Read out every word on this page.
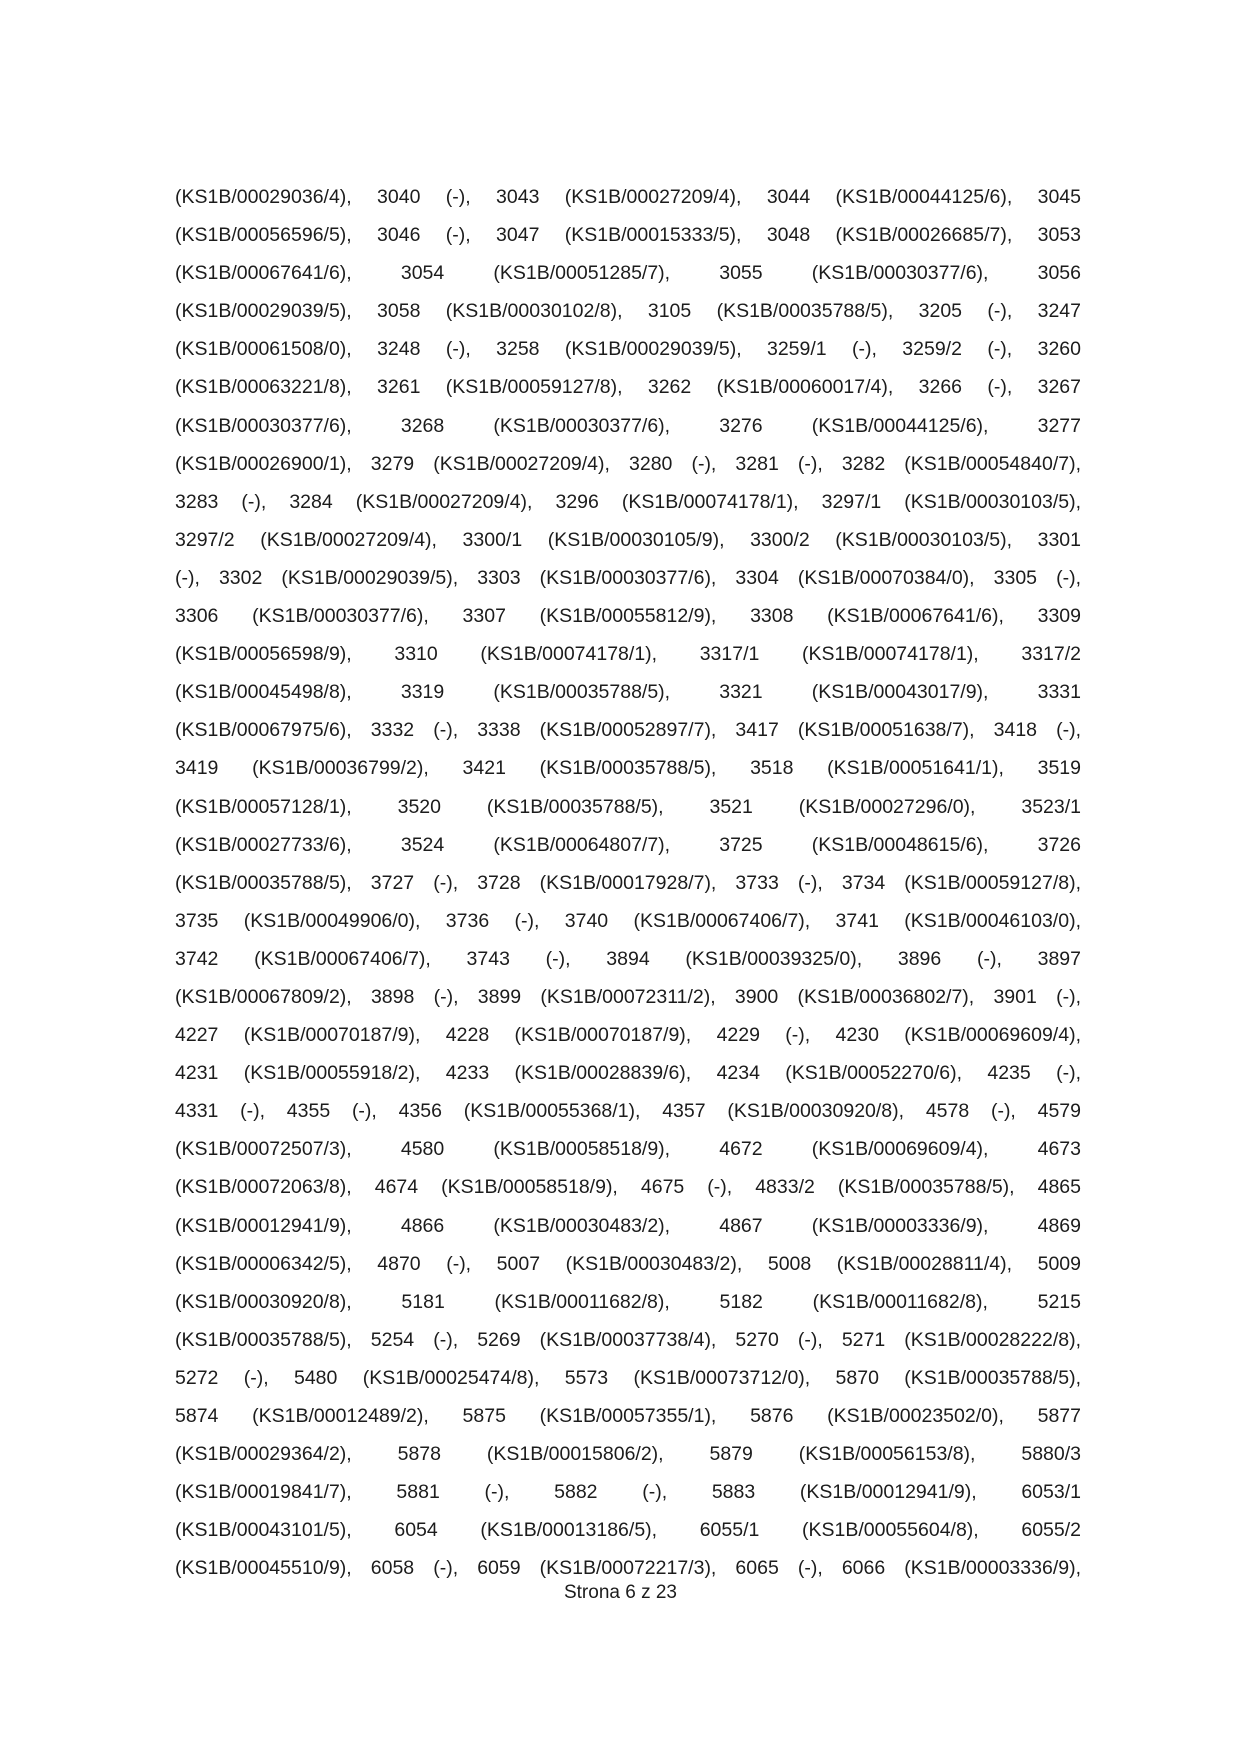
(KS1B/00029036/4), 3040 (-), 3043 (KS1B/00027209/4), 3044 (KS1B/00044125/6), 3045
(KS1B/00056596/5), 3046 (-), 3047 (KS1B/00015333/5), 3048 (KS1B/00026685/7), 3053
(KS1B/00067641/6), 3054 (KS1B/00051285/7), 3055 (KS1B/00030377/6), 3056
(KS1B/00029039/5), 3058 (KS1B/00030102/8), 3105 (KS1B/00035788/5), 3205 (-), 3247
(KS1B/00061508/0), 3248 (-), 3258 (KS1B/00029039/5), 3259/1 (-), 3259/2 (-), 3260
(KS1B/00063221/8), 3261 (KS1B/00059127/8), 3262 (KS1B/00060017/4), 3266 (-), 3267
(KS1B/00030377/6), 3268 (KS1B/00030377/6), 3276 (KS1B/00044125/6), 3277
(KS1B/00026900/1), 3279 (KS1B/00027209/4), 3280 (-), 3281 (-), 3282 (KS1B/00054840/7),
3283 (-), 3284 (KS1B/00027209/4), 3296 (KS1B/00074178/1), 3297/1 (KS1B/00030103/5),
3297/2 (KS1B/00027209/4), 3300/1 (KS1B/00030105/9), 3300/2 (KS1B/00030103/5), 3301
(-), 3302 (KS1B/00029039/5), 3303 (KS1B/00030377/6), 3304 (KS1B/00070384/0), 3305 (-),
3306 (KS1B/00030377/6), 3307 (KS1B/00055812/9), 3308 (KS1B/00067641/6), 3309
(KS1B/00056598/9), 3310 (KS1B/00074178/1), 3317/1 (KS1B/00074178/1), 3317/2
(KS1B/00045498/8), 3319 (KS1B/00035788/5), 3321 (KS1B/00043017/9), 3331
(KS1B/00067975/6), 3332 (-), 3338 (KS1B/00052897/7), 3417 (KS1B/00051638/7), 3418 (-),
3419 (KS1B/00036799/2), 3421 (KS1B/00035788/5), 3518 (KS1B/00051641/1), 3519
(KS1B/00057128/1), 3520 (KS1B/00035788/5), 3521 (KS1B/00027296/0), 3523/1
(KS1B/00027733/6), 3524 (KS1B/00064807/7), 3725 (KS1B/00048615/6), 3726
(KS1B/00035788/5), 3727 (-), 3728 (KS1B/00017928/7), 3733 (-), 3734 (KS1B/00059127/8),
3735 (KS1B/00049906/0), 3736 (-), 3740 (KS1B/00067406/7), 3741 (KS1B/00046103/0),
3742 (KS1B/00067406/7), 3743 (-), 3894 (KS1B/00039325/0), 3896 (-), 3897
(KS1B/00067809/2), 3898 (-), 3899 (KS1B/00072311/2), 3900 (KS1B/00036802/7), 3901 (-),
4227 (KS1B/00070187/9), 4228 (KS1B/00070187/9), 4229 (-), 4230 (KS1B/00069609/4),
4231 (KS1B/00055918/2), 4233 (KS1B/00028839/6), 4234 (KS1B/00052270/6), 4235 (-),
4331 (-), 4355 (-), 4356 (KS1B/00055368/1), 4357 (KS1B/00030920/8), 4578 (-), 4579
(KS1B/00072507/3), 4580 (KS1B/00058518/9), 4672 (KS1B/00069609/4), 4673
(KS1B/00072063/8), 4674 (KS1B/00058518/9), 4675 (-), 4833/2 (KS1B/00035788/5), 4865
(KS1B/00012941/9), 4866 (KS1B/00030483/2), 4867 (KS1B/00003336/9), 4869
(KS1B/00006342/5), 4870 (-), 5007 (KS1B/00030483/2), 5008 (KS1B/00028811/4), 5009
(KS1B/00030920/8), 5181 (KS1B/00011682/8), 5182 (KS1B/00011682/8), 5215
(KS1B/00035788/5), 5254 (-), 5269 (KS1B/00037738/4), 5270 (-), 5271 (KS1B/00028222/8),
5272 (-), 5480 (KS1B/00025474/8), 5573 (KS1B/00073712/0), 5870 (KS1B/00035788/5),
5874 (KS1B/00012489/2), 5875 (KS1B/00057355/1), 5876 (KS1B/00023502/0), 5877
(KS1B/00029364/2), 5878 (KS1B/00015806/2), 5879 (KS1B/00056153/8), 5880/3
(KS1B/00019841/7), 5881 (-), 5882 (-), 5883 (KS1B/00012941/9), 6053/1
(KS1B/00043101/5), 6054 (KS1B/00013186/5), 6055/1 (KS1B/00055604/8), 6055/2
(KS1B/00045510/9), 6058 (-), 6059 (KS1B/00072217/3), 6065 (-), 6066 (KS1B/00003336/9),
Strona 6 z 23
